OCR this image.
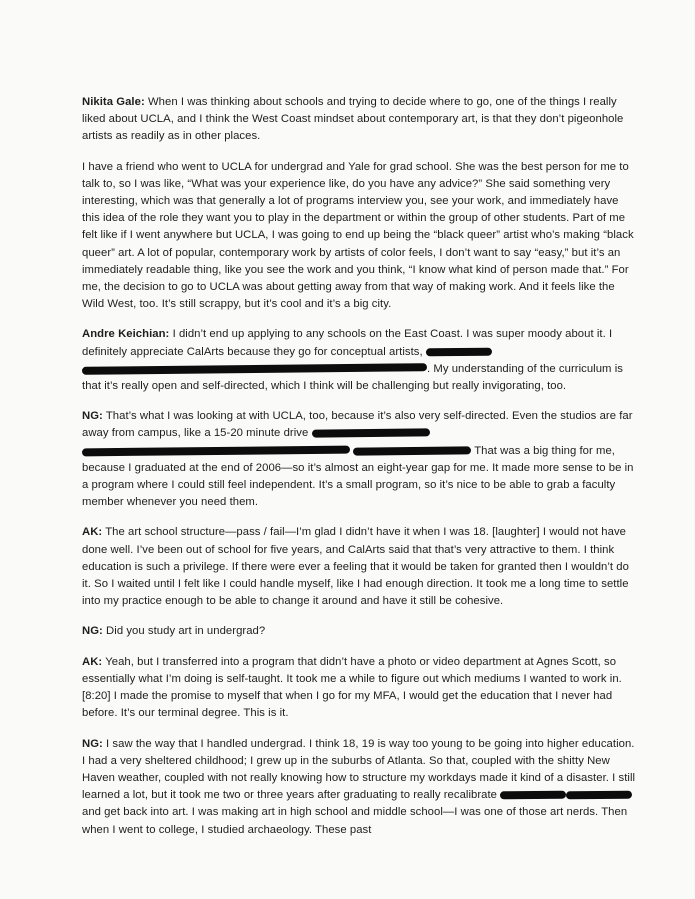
Nikita Gale: When I was thinking about schools and trying to decide where to go, one of the things I really liked about UCLA, and I think the West Coast mindset about contemporary art, is that they don’t pigeonhole artists as readily as in other places.

I have a friend who went to UCLA for undergrad and Yale for grad school. She was the best person for me to talk to, so I was like, “What was your experience like, do you have any advice?” She said something very interesting, which was that generally a lot of programs interview you, see your work, and immediately have this idea of the role they want you to play in the department or within the group of other students. Part of me felt like if I went anywhere but UCLA, I was going to end up being the “black queer” artist who’s making “black queer” art. A lot of popular, contemporary work by artists of color feels, I don’t want to say “easy,” but it’s an immediately readable thing, like you see the work and you think, “I know what kind of person made that.” For me, the decision to go to UCLA was about getting away from that way of making work. And it feels like the Wild West, too. It’s still scrappy, but it’s cool and it’s a big city.

Andre Keichian: I didn’t end up applying to any schools on the East Coast. I was super moody about it. I definitely appreciate CalArts because they go for conceptual artists,  . My understanding of the curriculum is that it’s really open and self-directed, which I think will be challenging but really invigorating, too.

NG: That’s what I was looking at with UCLA, too, because it’s also very self-directed. Even the studios are far away from campus, like a 15-20 minute drive    That was a big thing for me, because I graduated at the end of 2006—so it’s almost an eight-year gap for me. It made more sense to be in a program where I could still feel independent. It’s a small program, so it’s nice to be able to grab a faculty member whenever you need them.

AK: The art school structure—pass / fail—I’m glad I didn’t have it when I was 18. [laughter] I would not have done well. I’ve been out of school for five years, and CalArts said that that’s very attractive to them. I think education is such a privilege. If there were ever a feeling that it would be taken for granted then I wouldn’t do it. So I waited until I felt like I could handle myself, like I had enough direction. It took me a long time to settle into my practice enough to be able to change it around and have it still be cohesive.

NG: Did you study art in undergrad?

AK: Yeah, but I transferred into a program that didn’t have a photo or video department at Agnes Scott, so essentially what I’m doing is self-taught. It took me a while to figure out which mediums I wanted to work in. [8:20] I made the promise to myself that when I go for my MFA, I would get the education that I never had before. It’s our terminal degree. This is it.

NG: I saw the way that I handled undergrad. I think 18, 19 is way too young to be going into higher education. I had a very sheltered childhood; I grew up in the suburbs of Atlanta. So that, coupled with the shitty New Haven weather, coupled with not really knowing how to structure my workdays made it kind of a disaster. I still learned a lot, but it took me two or three years after graduating to really recalibrate and get back into art. I was making art in high school and middle school—I was one of those art nerds. Then when I went to college, I studied archaeology. These past
